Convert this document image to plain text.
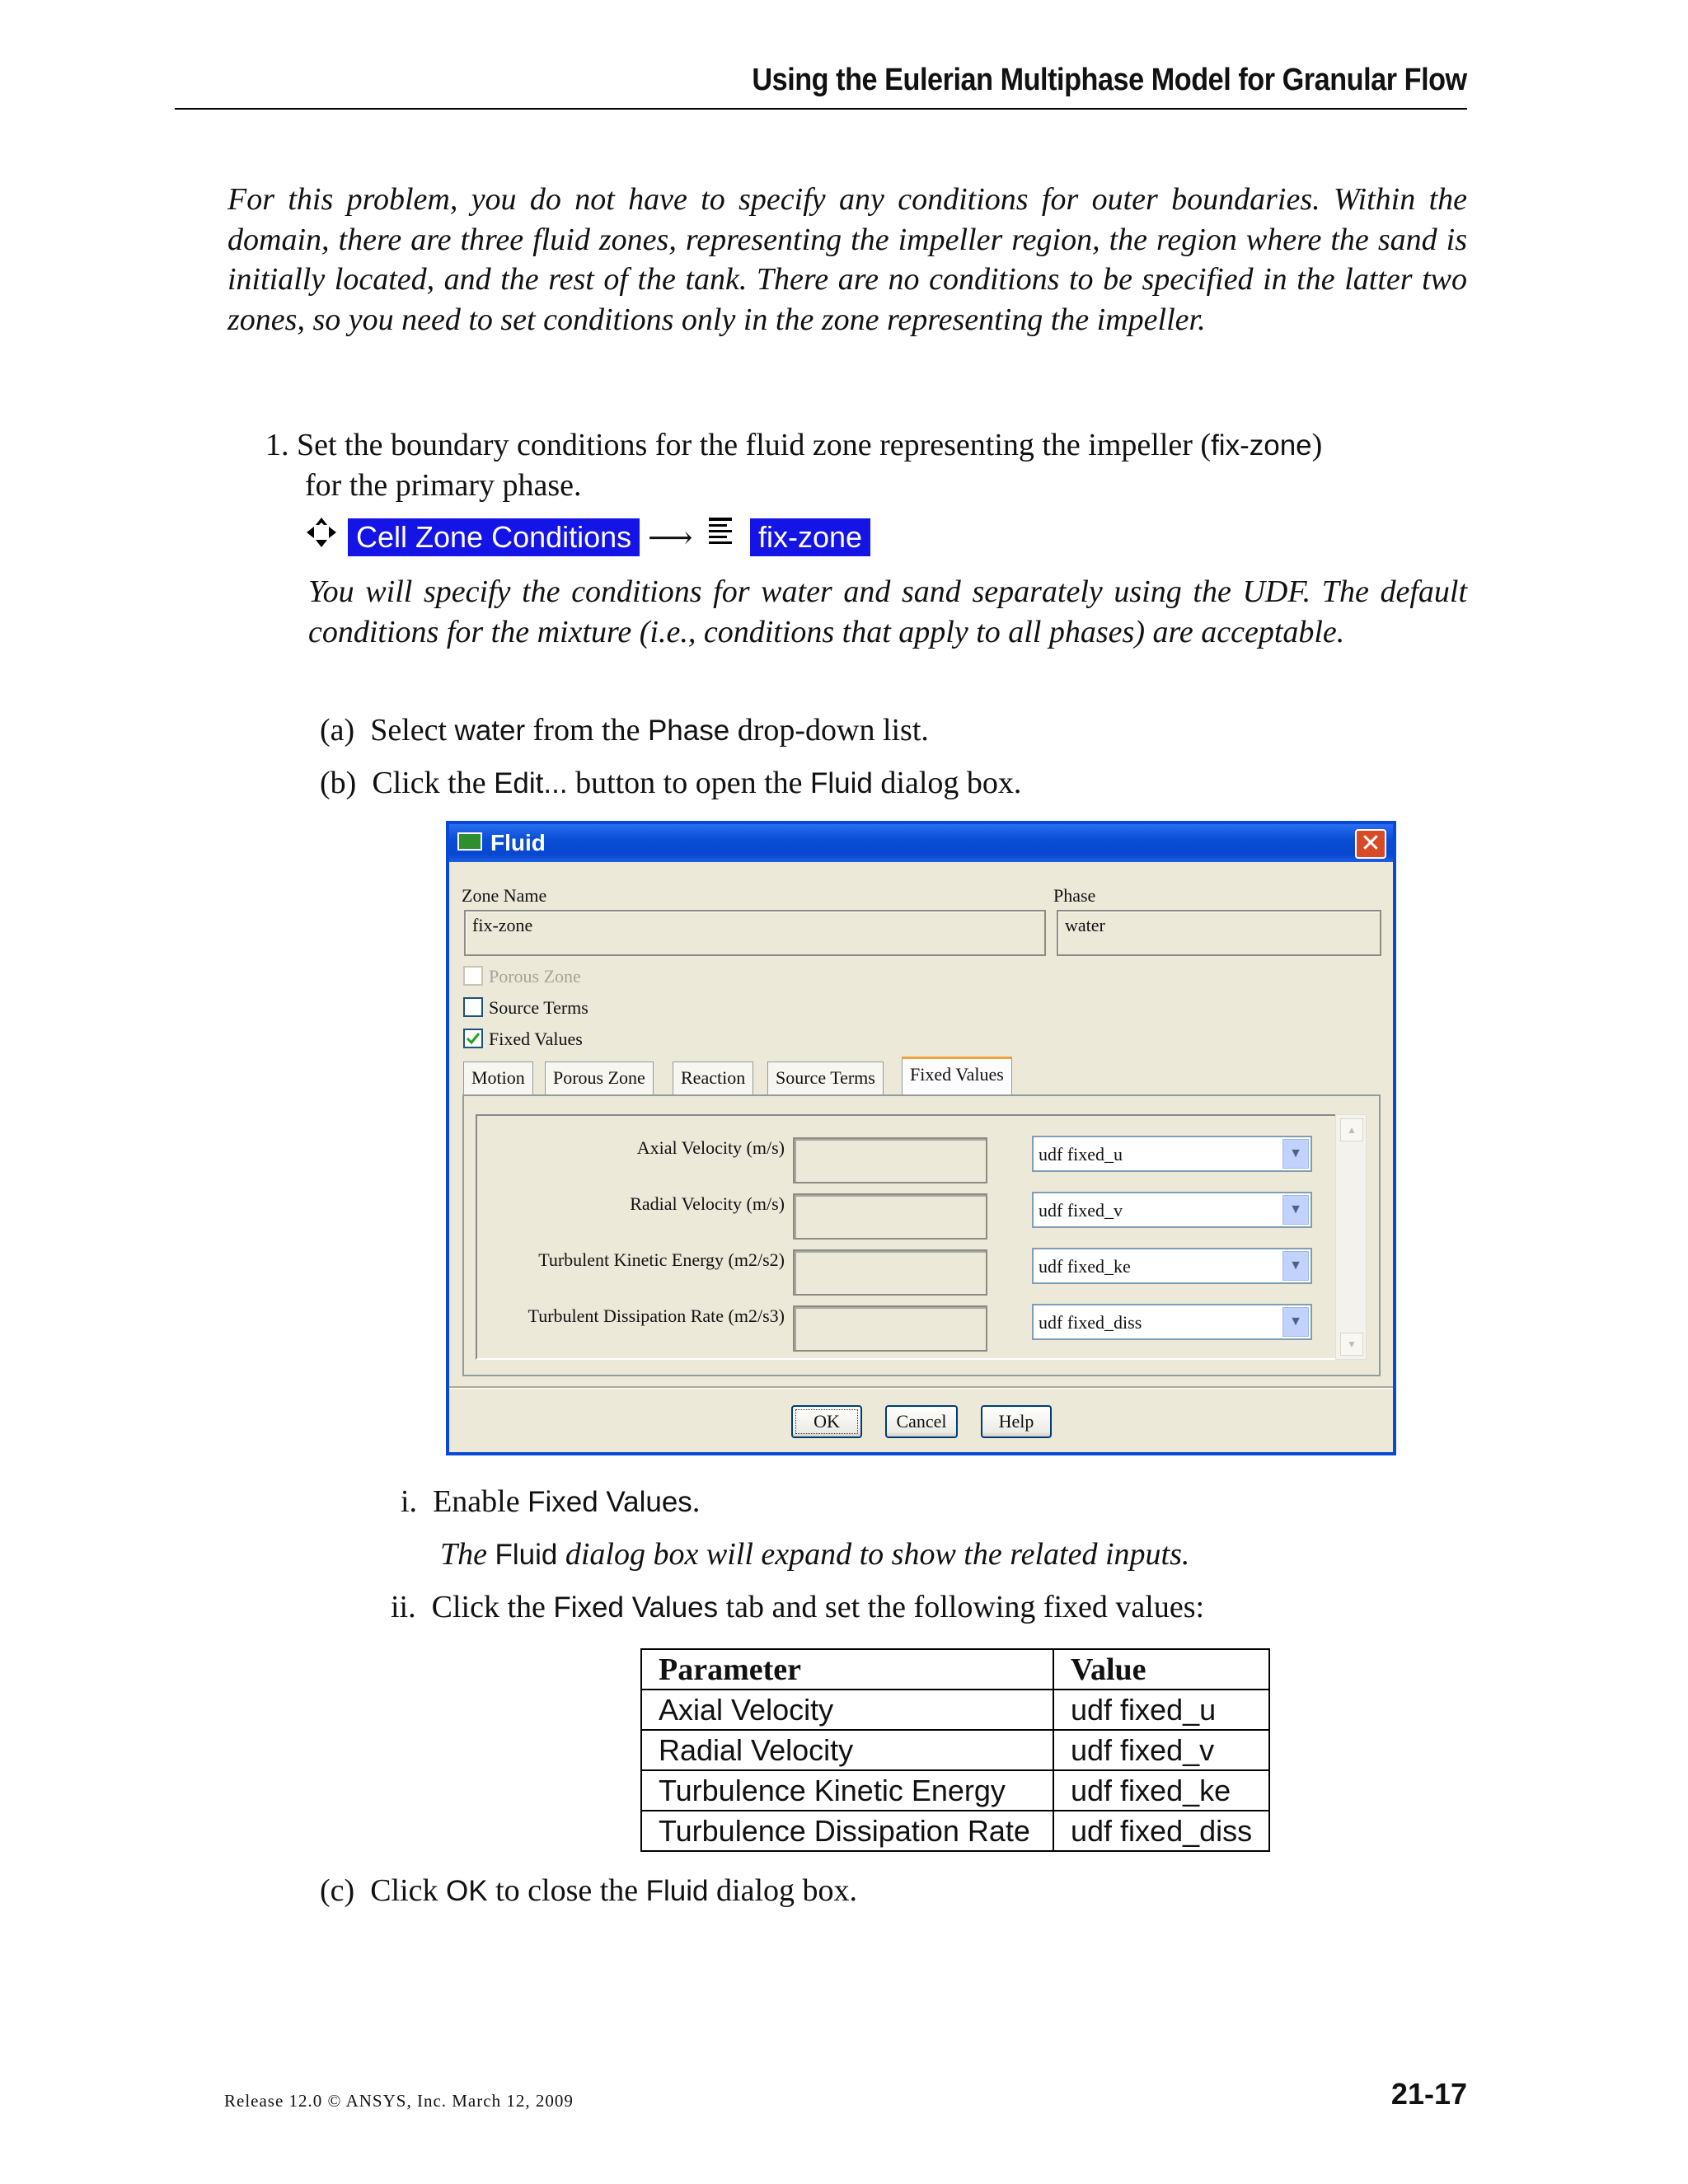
Using the Eulerian Multiphase Model for Granular Flow
For this problem, you do not have to specify any conditions for outer boundaries. Within the domain, there are three fluid zones, representing the impeller region, the region where the sand is initially located, and the rest of the tank. There are no conditions to be specified in the latter two zones, so you need to set conditions only in the zone representing the impeller.
1. Set the boundary conditions for the fluid zone representing the impeller (fix-zone)
for the primary phase.
Cell Zone Conditions ⟶ fix-zone
You will specify the conditions for water and sand separately using the UDF. The default conditions for the mixture (i.e., conditions that apply to all phases) are acceptable.
(a) Select water from the Phase drop-down list.
(b) Click the Edit... button to open the Fluid dialog box.
Fluid	✕
Zone Name
fix-zone
Phase
water
Porous Zone
Source Terms
Fixed Values
Motion	Porous Zone	Reaction	Source Terms	Fixed Values
▲
▼
Axial Velocity (m/s)	udf fixed_u	▼
Radial Velocity (m/s)	udf fixed_v	▼
Turbulent Kinetic Energy (m2/s2)	udf fixed_ke	▼
Turbulent Dissipation Rate (m2/s3)	udf fixed_diss	▼
OK	Cancel	Help
i. Enable Fixed Values.
The Fluid dialog box will expand to show the related inputs.
ii. Click the Fixed Values tab and set the following fixed values:
Parameter	Value
Axial Velocity	udf fixed_u
Radial Velocity	udf fixed_v
Turbulence Kinetic Energy	udf fixed_ke
Turbulence Dissipation Rate	udf fixed_diss
(c) Click OK to close the Fluid dialog box.
Release 12.0 © ANSYS, Inc. March 12, 2009	21-17
